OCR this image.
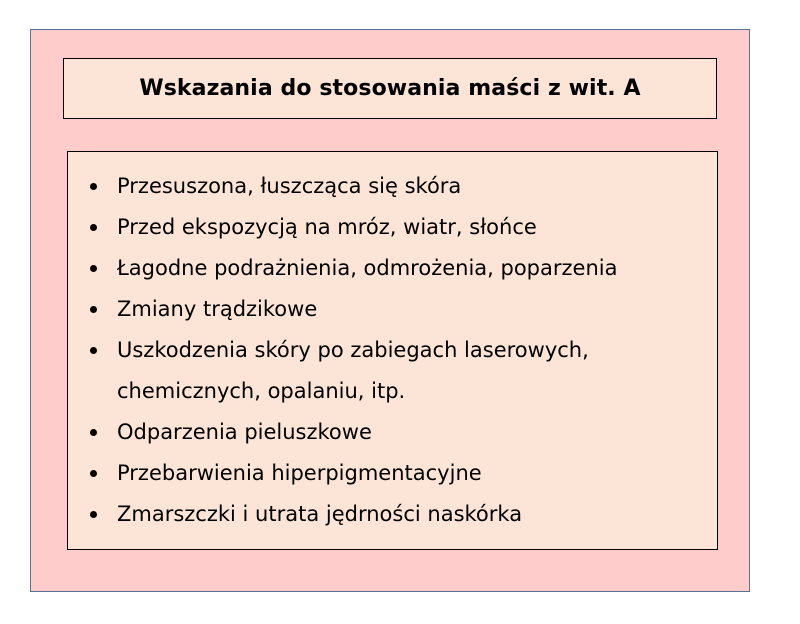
Wskazania do stosowania maści z wit. A
Przesuszona, łuszcząca się skóra
Przed ekspozycją na mróz, wiatr, słońce
Łagodne podrażnienia, odmrożenia, poparzenia
Zmiany trądzikowe
Uszkodzenia skóry po zabiegach laserowych,
chemicznych, opalaniu, itp.
Odparzenia pieluszkowe
Przebarwienia hiperpigmentacyjne
Zmarszczki i utrata jędrności naskórka
